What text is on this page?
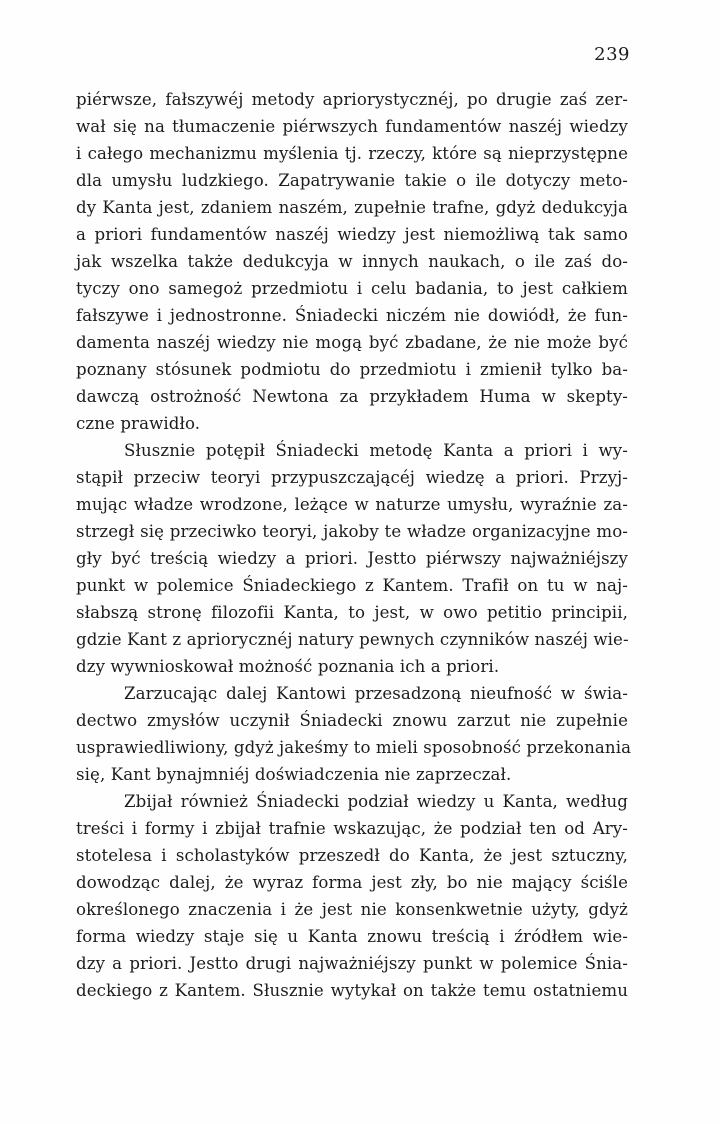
239
piérwsze, fałszywéj metody apriorystycznéj, po drugie zaś zer-
wał się na tłumaczenie piérwszych fundamentów naszéj wiedzy
i całego mechanizmu myślenia tj. rzeczy, które są nieprzystępne
dla umysłu ludzkiego. Zapatrywanie takie o ile dotyczy meto-
dy Kanta jest, zdaniem naszém, zupełnie trafne, gdyż dedukcyja
a priori fundamentów naszéj wiedzy jest niemożliwą tak samo
jak wszelka także dedukcyja w innych naukach, o ile zaś do-
tyczy ono samegoż przedmiotu i celu badania, to jest całkiem
fałszywe i jednostronne. Śniadecki niczém nie dowiódł, że fun-
damenta naszéj wiedzy nie mogą być zbadane, że nie może być
poznany stósunek podmiotu do przedmiotu i zmienił tylko ba-
dawczą ostrożność Newtona za przykładem Huma w skepty-
czne prawidło.
Słusznie potępił Śniadecki metodę Kanta a priori i wy-
stąpił przeciw teoryi przypuszczającéj wiedzę a priori. Przyj-
mując władze wrodzone, leżące w naturze umysłu, wyraźnie za-
strzegł się przeciwko teoryi, jakoby te władze organizacyjne mo-
gły być treścią wiedzy a priori. Jestto piérwszy najważniéjszy
punkt w polemice Śniadeckiego z Kantem. Trafił on tu w naj-
słabszą stronę filozofii Kanta, to jest, w owo petitio principii,
gdzie Kant z apriorycznéj natury pewnych czynników naszéj wie-
dzy wywnioskował możność poznania ich a priori.
Zarzucając dalej Kantowi przesadzoną nieufność w świa-
dectwo zmysłów uczynił Śniadecki znowu zarzut nie zupełnie
usprawiedliwiony, gdyż jakeśmy to mieli sposobność przekonania
się, Kant bynajmniéj doświadczenia nie zaprzeczał.
Zbijał również Śniadecki podział wiedzy u Kanta, według
treści i formy i zbijał trafnie wskazując, że podział ten od Ary-
stotelesa i scholastyków przeszedł do Kanta, że jest sztuczny,
dowodząc dalej, że wyraz forma jest zły, bo nie mający ściśle
określonego znaczenia i że jest nie konsenkwetnie użyty, gdyż
forma wiedzy staje się u Kanta znowu treścią i źródłem wie-
dzy a priori. Jestto drugi najważniéjszy punkt w polemice Śnia-
deckiego z Kantem. Słusznie wytykał on także temu ostatniemu
